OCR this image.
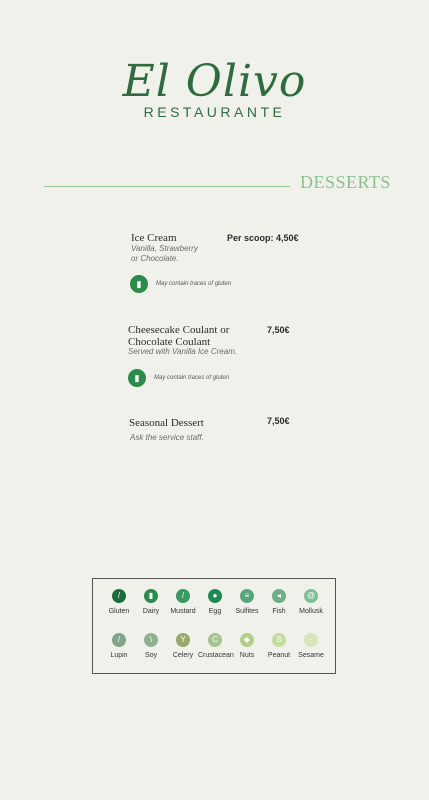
El Olivo
RESTAURANTE
DESSERTS
Ice Cream
Vanilla, Strawberry
or Chocolate.
Per scoop: 4,50€
▮ May contain traces of gluten
Cheesecake Coulant or Chocolate Coulant
Served with Vanilla Ice Cream.
7,50€
▮ May contain traces of gluten
Seasonal Dessert
Ask the service staff.
7,50€
/
Gluten
▮
Dairy
/
Mustard
●
Egg
≡
Sulfites
◂
Fish
@
Mollusk
/
Lupin
\
Soy
Y
Celery
C
Crustacean
◆
Nuts
8
Peanut
·
Sesame
